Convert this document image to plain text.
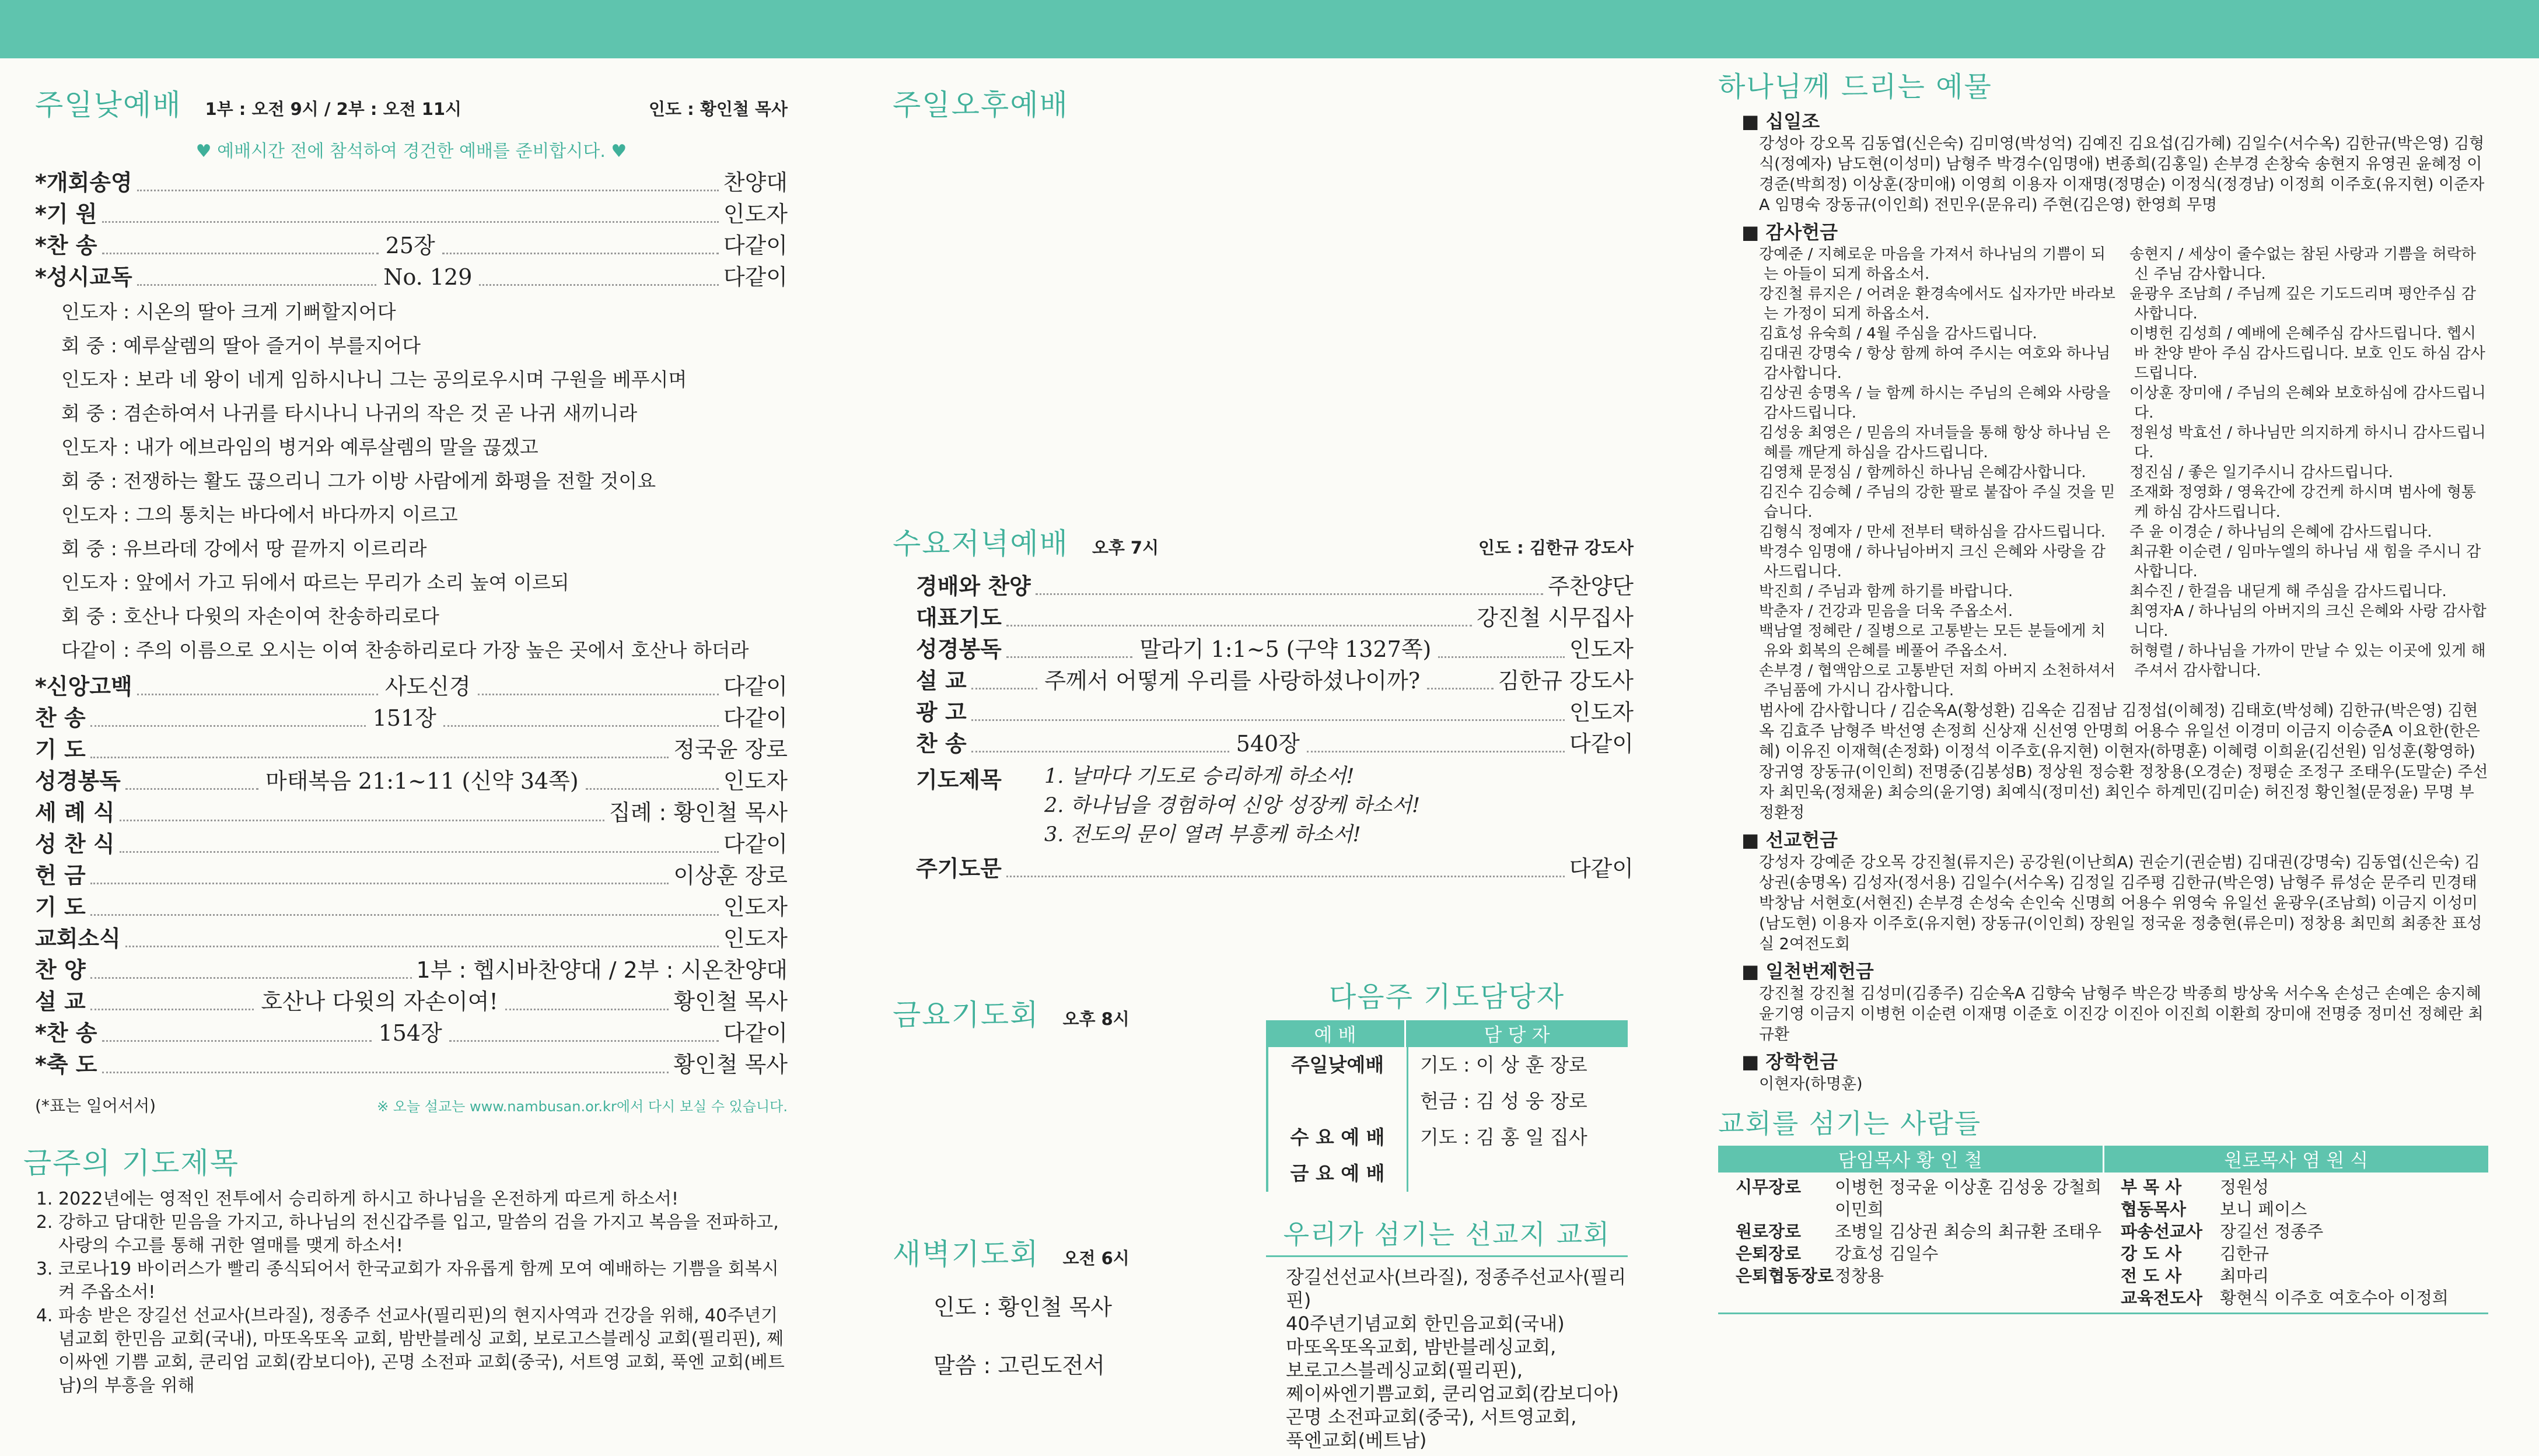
주일낮예배 1부 : 오전 9시 / 2부 : 오전 11시	인도 : 황인철 목사
♥ 예배시간 전에 참석하여 경건한 예배를 준비합시다. ♥
*개회송영	찬양대
*기 원	인도자
*찬 송	25장	다같이
*성시교독	No. 129	다같이
인도자 : 시온의 딸아 크게 기뻐할지어다
회 중 : 예루살렘의 딸아 즐거이 부를지어다
인도자 : 보라 네 왕이 네게 임하시나니 그는 공의로우시며 구원을 베푸시며
회 중 : 겸손하여서 나귀를 타시나니 나귀의 작은 것 곧 나귀 새끼니라
인도자 : 내가 에브라임의 병거와 예루살렘의 말을 끊겠고
회 중 : 전쟁하는 활도 끊으리니 그가 이방 사람에게 화평을 전할 것이요
인도자 : 그의 통치는 바다에서 바다까지 이르고
회 중 : 유브라데 강에서 땅 끝까지 이르리라
인도자 : 앞에서 가고 뒤에서 따르는 무리가 소리 높여 이르되
회 중 : 호산나 다윗의 자손이여 찬송하리로다
다같이 : 주의 이름으로 오시는 이여 찬송하리로다 가장 높은 곳에서 호산나 하더라
*신앙고백	사도신경	다같이
찬 송	151장	다같이
기 도	정국윤 장로
성경봉독	마태복음 21:1~11 (신약 34쪽)	인도자
세 례 식	집례 : 황인철 목사
성 찬 식	다같이
헌 금	이상훈 장로
기 도	인도자
교회소식	인도자
찬 양	1부 : 헵시바찬양대 / 2부 : 시온찬양대
설 교	호산나 다윗의 자손이여!	황인철 목사
*찬 송	154장	다같이
*축 도	황인철 목사
(*표는 일어서서)	※ 오늘 설교는 www.nambusan.or.kr에서 다시 보실 수 있습니다.
금주의 기도제목
1. 2022년에는 영적인 전투에서 승리하게 하시고 하나님을 온전하게 따르게 하소서!
2. 강하고 담대한 믿음을 가지고, 하나님의 전신갑주를 입고, 말씀의 검을 가지고 복음을 전파하고, 사랑의 수고를 통해 귀한 열매를 맺게 하소서!
3. 코로나19 바이러스가 빨리 종식되어서 한국교회가 자유롭게 함께 모여 예배하는 기쁨을 회복시켜 주옵소서!
4. 파송 받은 장길선 선교사(브라질), 정종주 선교사(필리핀)의 현지사역과 건강을 위해, 40주년기념교회 한민음 교회(국내), 마또옥또옥 교회, 밤반블레싱 교회, 보로고스블레싱 교회(필리핀), 쩨이싸엔 기쁨 교회, 쿤리엄 교회(캄보디아), 곤명 소전파 교회(중국), 서트영 교회, 푹엔 교회(베트남)의 부흥을 위해
주일오후예배
수요저녁예배 오후 7시	인도 : 김한규 강도사
경배와 찬양	주찬양단
대표기도	강진철 시무집사
성경봉독	말라기 1:1~5 (구약 1327쪽)	인도자
설 교	주께서 어떻게 우리를 사랑하셨나이까?	김한규 강도사
광 고	인도자
찬 송	540장	다같이
기도제목	1. 날마다 기도로 승리하게 하소서!
2. 하나님을 경험하여 신앙 성장케 하소서!
3. 전도의 문이 열려 부흥케 하소서!
주기도문	다같이
금요기도회 오후 8시
새벽기도회 오전 6시
인도 : 황인철 목사
말씀 : 고린도전서
다음주 기도담당자
예 배	담 당 자
주일낮예배	기도 : 이 상 훈 장로
헌금 : 김 성 웅 장로
수 요 예 배	기도 : 김 홍 일 집사
금 요 예 배
우리가 섬기는 선교지 교회
장길선선교사(브라질), 정종주선교사(필리핀)
40주년기념교회 한민음교회(국내)
마또옥또옥교회, 밤반블레싱교회,
보로고스블레싱교회(필리핀),
쩨이싸엔기쁨교회, 쿤리엄교회(캄보디아)
곤명 소전파교회(중국), 서트영교회,
푹엔교회(베트남)
하나님께 드리는 예물
■ 십일조
강성아 강오목 김동엽(신은숙) 김미영(박성억) 김예진 김요섭(김가혜) 김일수(서수옥) 김한규(박은영) 김형식(정예자) 남도현(이성미) 남형주 박경수(임명애) 변종희(김홍일) 손부경 손창숙 송현지 유영권 윤혜정 이경준(박희정) 이상훈(장미애) 이영희 이용자 이재명(정명순) 이정식(정경남) 이정희 이주호(유지현) 이준자A 임명숙 장동규(이인희) 전민우(문유리) 주현(김은영) 한영희 무명
■ 감사헌금
강예준 / 지혜로운 마음을 가져서 하나님의 기쁨이 되는 아들이 되게 하옵소서.
강진철 류지은 / 어려운 환경속에서도 십자가만 바라보는 가정이 되게 하옵소서.
김효성 유숙희 / 4월 주심을 감사드립니다.
김대권 강명숙 / 항상 함께 하여 주시는 여호와 하나님 감사합니다.
김상권 송명옥 / 늘 함께 하시는 주님의 은혜와 사랑을 감사드립니다.
김성웅 최영은 / 믿음의 자녀들을 통해 항상 하나님 은혜를 깨닫게 하심을 감사드립니다.
김영채 문정심 / 함께하신 하나님 은혜감사합니다.
김진수 김승혜 / 주님의 강한 팔로 붙잡아 주실 것을 믿습니다.
김형식 정예자 / 만세 전부터 택하심을 감사드립니다.
박경수 임명애 / 하나님아버지 크신 은혜와 사랑을 감사드립니다.
박진희 / 주님과 함께 하기를 바랍니다.
박춘자 / 건강과 믿음을 더욱 주옵소서.
백남열 정혜란 / 질병으로 고통받는 모든 분들에게 치유와 회복의 은혜를 베풀어 주옵소서.
손부경 / 협액암으로 고통받던 저희 아버지 소천하셔서 주님품에 가시니 감사합니다.
송현지 / 세상이 줄수없는 참된 사랑과 기쁨을 허락하신 주님 감사합니다.
윤광우 조남희 / 주님께 깊은 기도드리며 평안주심 감사합니다.
이병헌 김성희 / 예배에 은혜주심 감사드립니다. 헵시바 찬양 받아 주심 감사드립니다. 보호 인도 하심 감사드립니다.
이상훈 장미애 / 주님의 은혜와 보호하심에 감사드립니다.
정원성 박효선 / 하나님만 의지하게 하시니 감사드립니다.
정진심 / 좋은 일기주시니 감사드립니다.
조재화 정영화 / 영육간에 강건케 하시며 범사에 형통케 하심 감사드립니다.
주 윤 이경순 / 하나님의 은혜에 감사드립니다.
최규환 이순련 / 임마누엘의 하나님 새 힘을 주시니 감사합니다.
최수진 / 한걸음 내딛게 해 주심을 감사드립니다.
최영자A / 하나님의 아버지의 크신 은혜와 사랑 감사합니다.
허형렬 / 하나님을 가까이 만날 수 있는 이곳에 있게 해주셔서 감사합니다.
범사에 감사합니다 / 김순옥A(황성환) 김옥순 김점남 김정섭(이혜정) 김태호(박성혜) 김한규(박은영) 김현옥 김효주 남형주 박선영 손정희 신상재 신선영 안명희 어용수 유일선 이경미 이금지 이승준A 이요한(한은혜) 이유진 이재혁(손정화) 이정석 이주호(유지현) 이현자(하명훈) 이혜령 이희윤(김선원) 임성훈(황영하) 장귀영 장동규(이인희) 전명중(김봉성B) 정상원 정승환 정창용(오경순) 정평순 조정구 조태우(도말순) 주선자 최민욱(정채윤) 최승의(윤기영) 최예식(정미선) 최인수 하계민(김미순) 허진정 황인철(문정윤) 무명 부정환정
■ 선교헌금
강성자 강예준 강오목 강진철(류지은) 공강원(이난희A) 권순기(권순범) 김대권(강명숙) 김동엽(신은숙) 김상권(송명옥) 김성자(정서용) 김일수(서수옥) 김정일 김주평 김한규(박은영) 남형주 류성순 문주리 민경태 박창남 서현호(서현진) 손부경 손성숙 손인숙 신명희 어용수 위영숙 유일선 윤광우(조남희) 이금지 이성미(남도현) 이용자 이주호(유지현) 장동규(이인희) 장원일 정국윤 정충현(류은미) 정창용 최민희 최종찬 표성실 2여전도회
■ 일천번제헌금
강진철 강진철 김성미(김종주) 김순옥A 김향숙 남형주 박은강 박종희 방상욱 서수옥 손성근 손예은 송지혜 윤기영 이금지 이병헌 이순련 이재명 이준호 이진강 이진아 이진희 이환희 장미애 전명중 정미선 정혜란 최규환
■ 장학헌금
이현자(하명훈)
교회를 섬기는 사람들
담임목사 황 인 철	원로목사 염 원 식
시무장로	이병헌 정국윤 이상훈 김성웅 강철희 이민희
원로장로	조병일 김상권 최승의 최규환 조태우
은퇴장로	강효성 김일수
은퇴협동장로 정창용
부 목 사	정원성
협동목사	보니 페이스
파송선교사	장길선 정종주
강 도 사	김한규
전 도 사	최마리
교육전도사	황현식 이주호 여호수아 이정희
